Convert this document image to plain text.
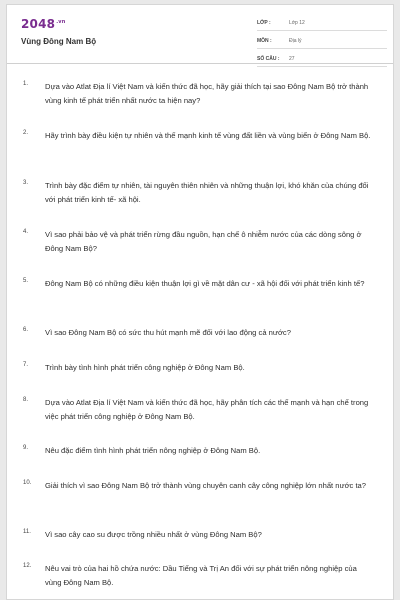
$2048^{.vn}$
Vùng Đông Nam Bộ
LỚP :	Lớp 12
MÔN :	Địa lý
SỐ CÂU :	27
1. Dựa vào Atlat Địa lí Việt Nam và kiến thức đã học, hãy giải thích tại sao Đông Nam Bộ trở thành vùng kinh tế phát triển nhất nước ta hiện nay?
2. Hãy trình bày điều kiện tự nhiên và thế mạnh kinh tế vùng đất liền và vùng biển ở Đông Nam Bộ.
3. Trình bày đặc điểm tự nhiên, tài nguyên thiên nhiên và những thuận lợi, khó khăn của chúng đối với phát triển kinh tế- xã hội.
4. Vì sao phải bảo vệ và phát triển rừng đầu nguồn, hạn chế ô nhiễm nước của các dòng sông ở Đông Nam Bộ?
5. Đông Nam Bộ có những điều kiện thuận lợi gì về mặt dân cư - xã hội đối với phát triển kinh tế?
6. Vì sao Đông Nam Bộ có sức thu hút mạnh mẽ đối với lao động cả nước?
7. Trình bày tình hình phát triển công nghiệp ở Đông Nam Bộ.
8. Dựa vào Atlat Địa lí Việt Nam và kiến thức đã học, hãy phân tích các thế mạnh và hạn chế trong việc phát triển công nghiệp ở Đông Nam Bộ.
9. Nêu đặc điểm tình hình phát triển nông nghiệp ở Đông Nam Bộ.
10. Giải thích vì sao Đông Nam Bộ trở thành vùng chuyên canh cây công nghiệp lớn nhất nước ta?
11. Vì sao cây cao su được trồng nhiều nhất ở vùng Đông Nam Bộ?
12. Nêu vai trò của hai hồ chứa nước: Dầu Tiếng và Trị An đối với sự phát triển nông nghiệp của vùng Đông Nam Bộ.
